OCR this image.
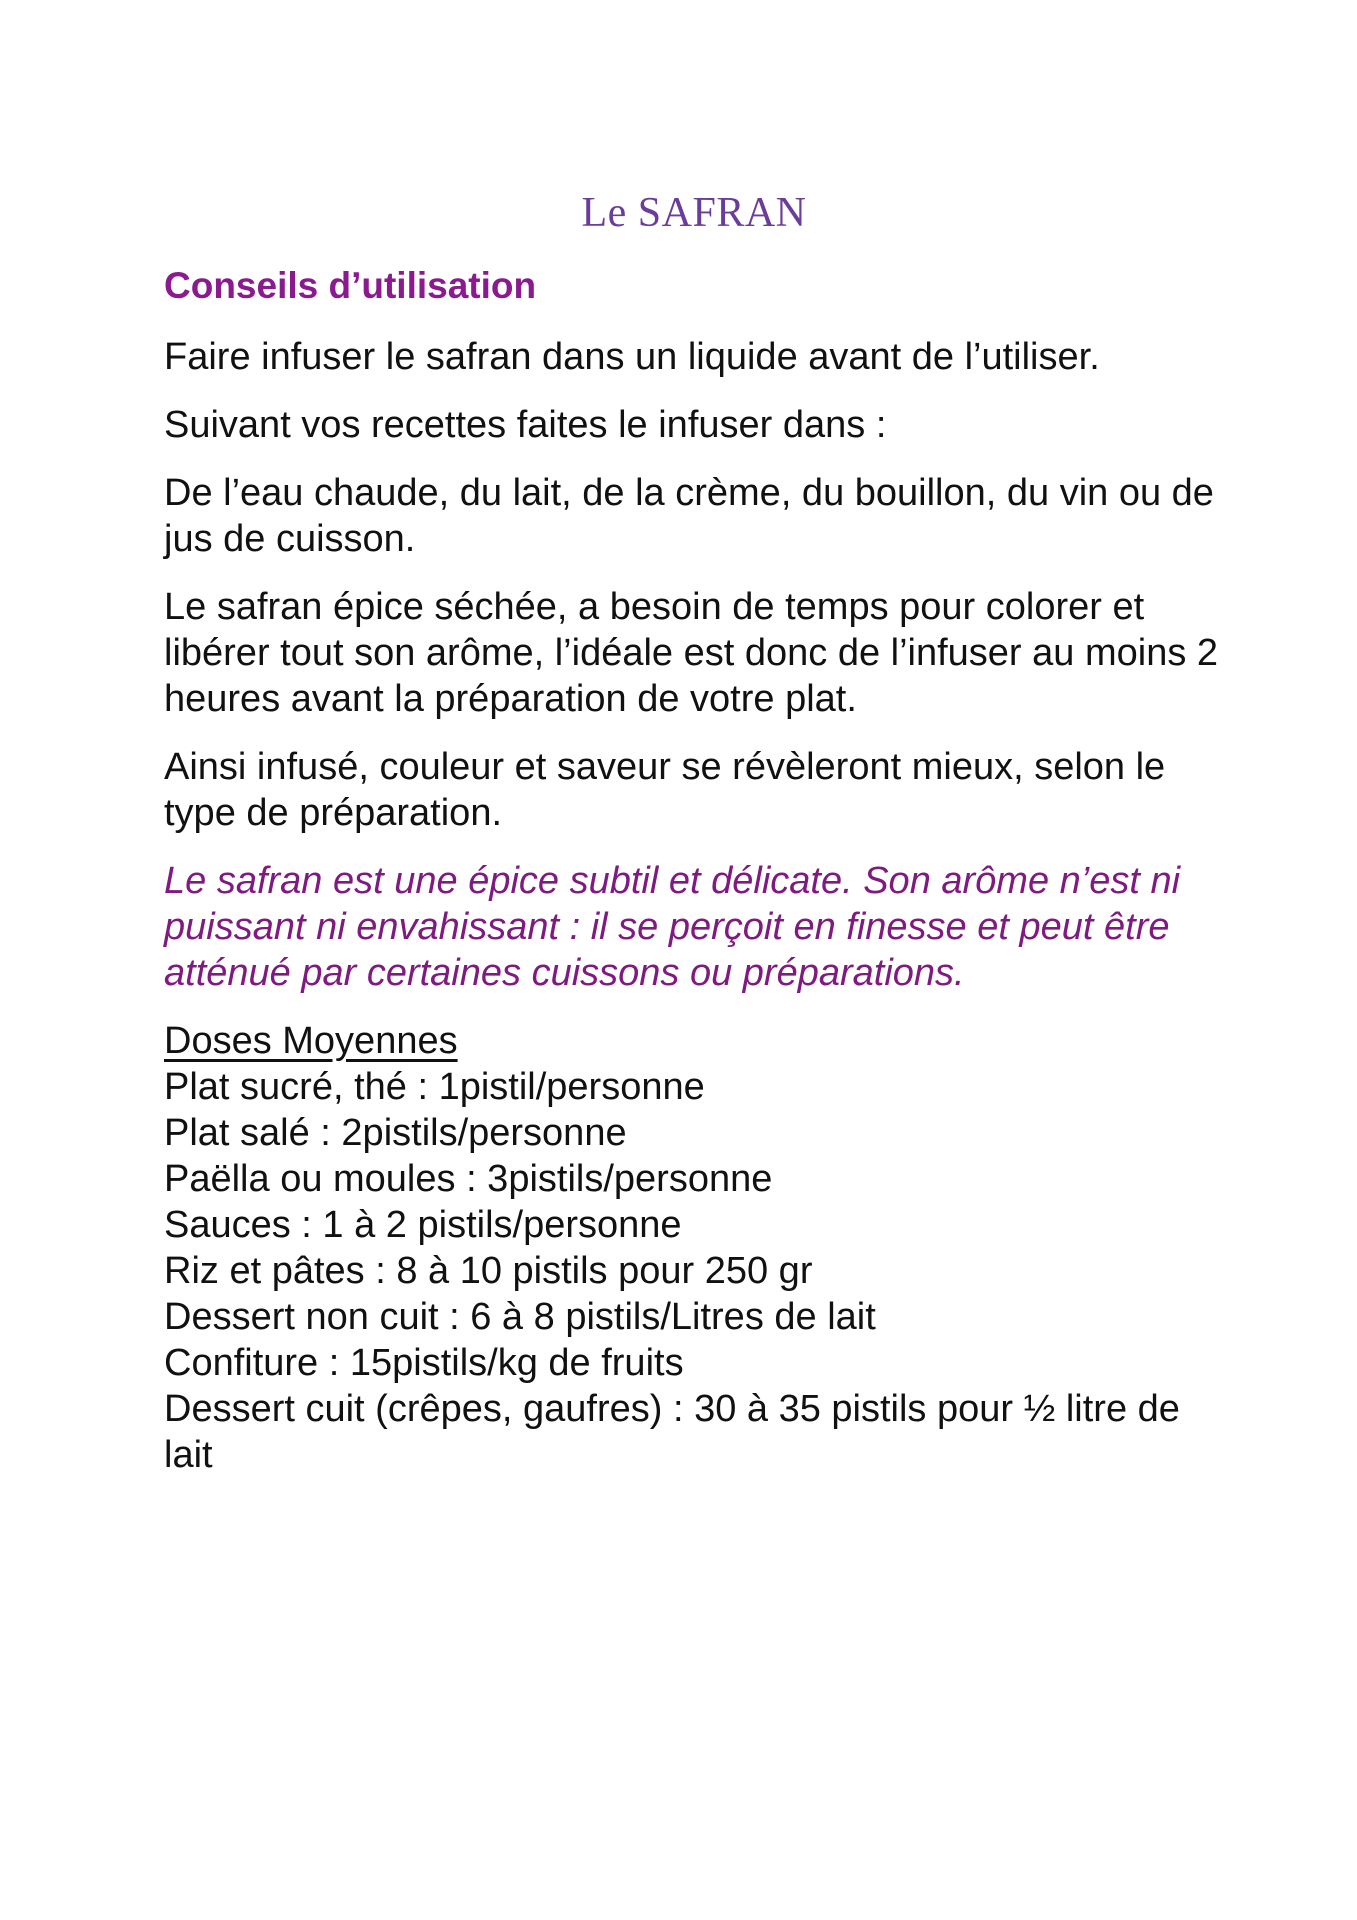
Le SAFRAN
Conseils d’utilisation

Faire infuser le safran dans un liquide avant de l’utiliser.

Suivant vos recettes faites le infuser dans :

De l’eau chaude, du lait, de la crème, du bouillon, du vin ou de jus de cuisson.

Le safran épice séchée, a besoin de temps pour colorer et libérer tout son arôme, l’idéale est donc de l’infuser au moins 2 heures avant la préparation de votre plat.

Ainsi infusé, couleur et saveur se révèleront mieux, selon le type de préparation.

Le safran est une épice subtil et délicate. Son arôme n’est ni puissant ni envahissant : il se perçoit en finesse et peut être atténué par certaines cuissons ou préparations.

Doses Moyennes
Plat sucré, thé : 1pistil/personne
Plat salé : 2pistils/personne
Paëlla ou moules : 3pistils/personne
Sauces : 1 à 2 pistils/personne
Riz et pâtes : 8 à 10 pistils pour 250 gr
Dessert non cuit : 6 à 8 pistils/Litres de lait
Confiture : 15pistils/kg de fruits
Dessert cuit (crêpes, gaufres) : 30 à 35 pistils pour ½ litre de lait
